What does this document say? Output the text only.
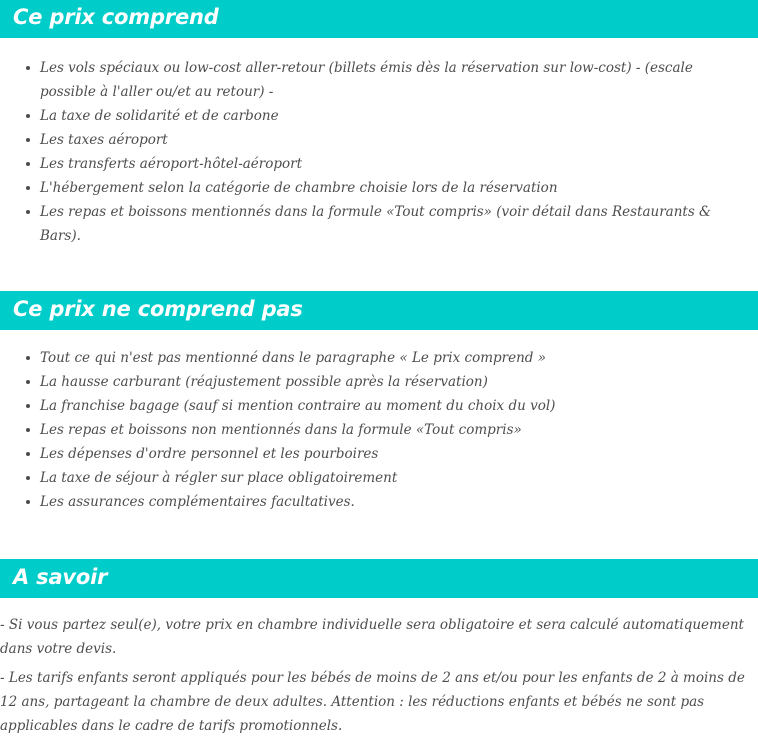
Ce prix comprend
Les vols spéciaux ou low-cost aller-retour (billets émis dès la réservation sur low-cost) - (escale possible à l'aller ou/et au retour) -
La taxe de solidarité et de carbone
Les taxes aéroport
Les transferts aéroport-hôtel-aéroport
L'hébergement selon la catégorie de chambre choisie lors de la réservation
Les repas et boissons mentionnés dans la formule «Tout compris» (voir détail dans Restaurants & Bars).
Ce prix ne comprend pas
Tout ce qui n'est pas mentionné dans le paragraphe « Le prix comprend »
La hausse carburant (réajustement possible après la réservation)
La franchise bagage (sauf si mention contraire au moment du choix du vol)
Les repas et boissons non mentionnés dans la formule «Tout compris»
Les dépenses d'ordre personnel et les pourboires
La taxe de séjour à régler sur place obligatoirement
Les assurances complémentaires facultatives.
A savoir

- Si vous partez seul(e), votre prix en chambre individuelle sera obligatoire et sera calculé automatiquement dans votre devis.

- Les tarifs enfants seront appliqués pour les bébés de moins de 2 ans et/ou pour les enfants de 2 à moins de 12 ans, partageant la chambre de deux adultes. Attention : les réductions enfants et bébés ne sont pas applicables dans le cadre de tarifs promotionnels.
